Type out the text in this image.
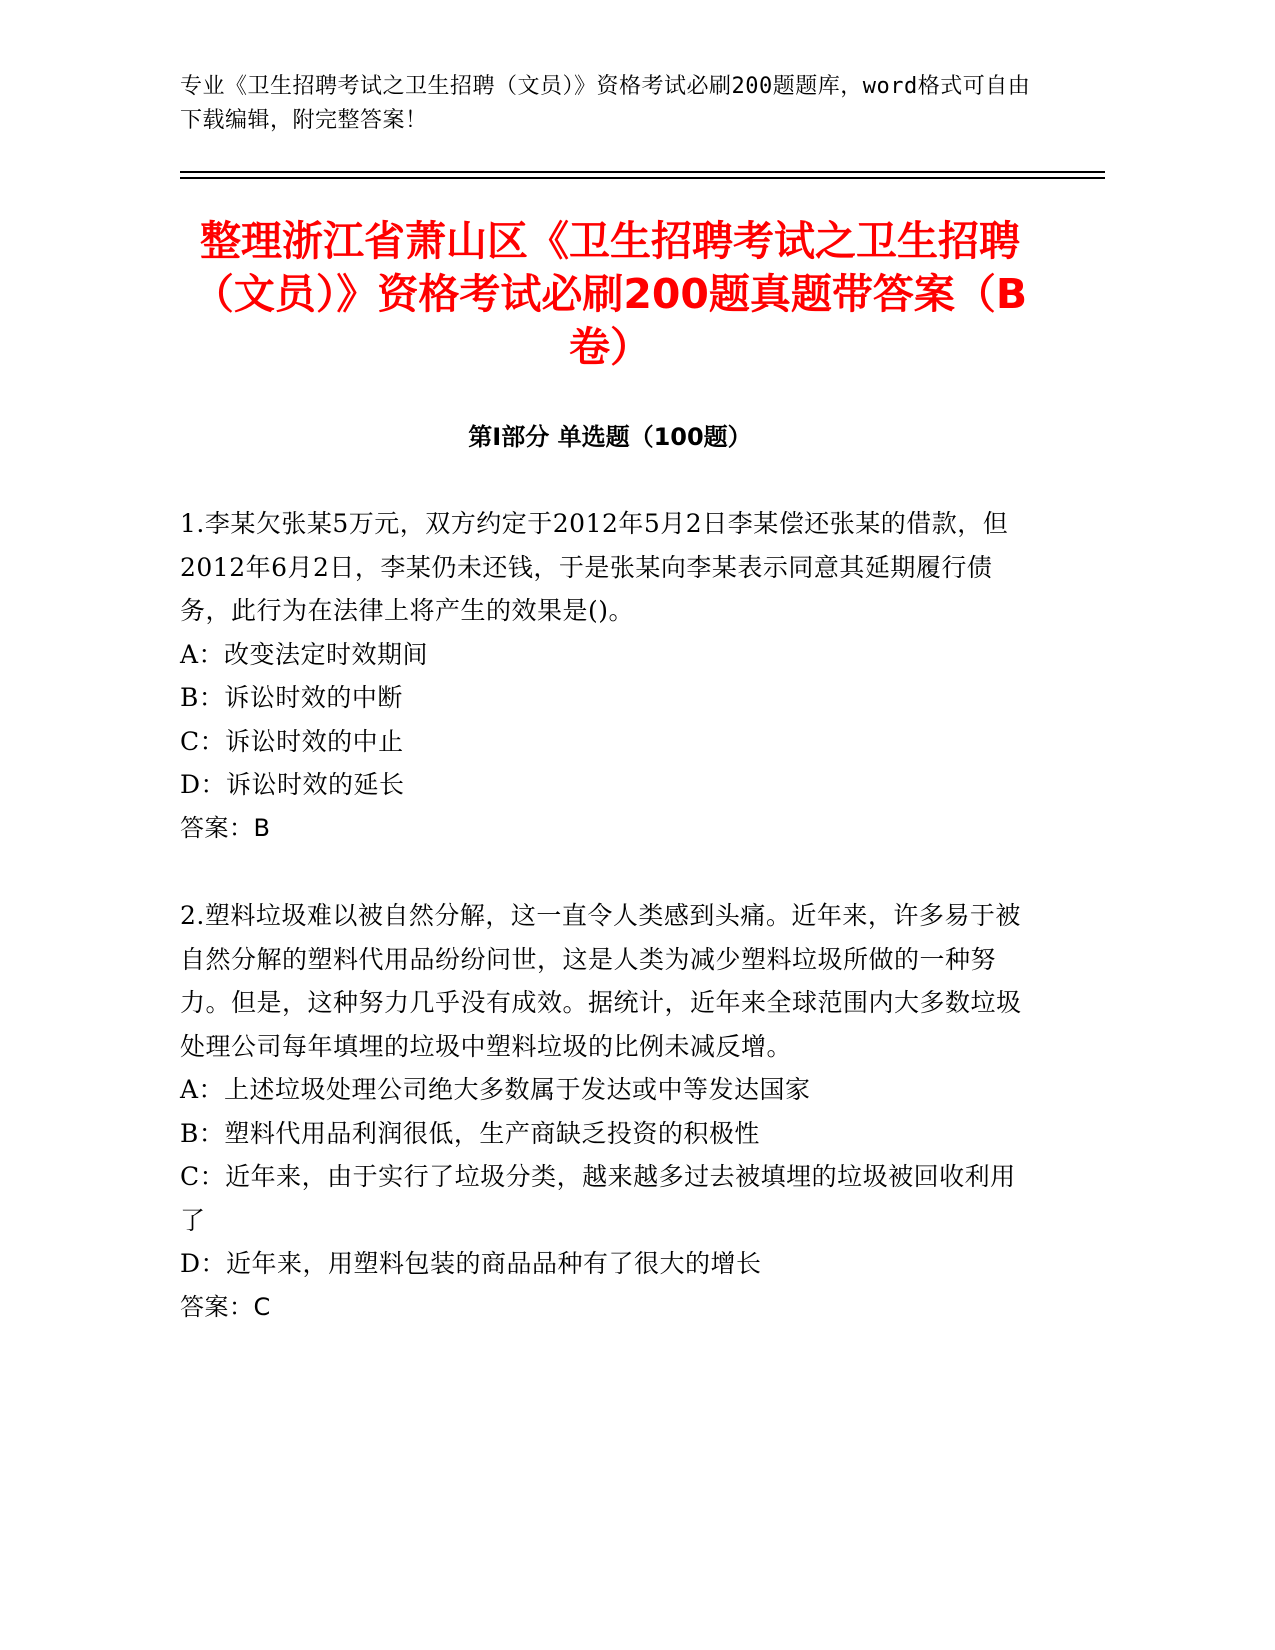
专业《卫生招聘考试之卫生招聘（文员）》资格考试必刷200题题库，word格式可自由下载编辑，附完整答案！
整理浙江省萧山区《卫生招聘考试之卫生招聘（文员）》资格考试必刷200题真题带答案（B卷）
第Ⅰ部分 单选题（100题）

1.李某欠张某5万元，双方约定于2012年5月2日李某偿还张某的借款，但2012年6月2日，李某仍未还钱，于是张某向李某表示同意其延期履行债务，此行为在法律上将产生的效果是()。

A：改变法定时效期间

B：诉讼时效的中断

C：诉讼时效的中止

D：诉讼时效的延长

答案：B

2.塑料垃圾难以被自然分解，这一直令人类感到头痛。近年来，许多易于被自然分解的塑料代用品纷纷问世，这是人类为减少塑料垃圾所做的一种努力。但是，这种努力几乎没有成效。据统计，近年来全球范围内大多数垃圾处理公司每年填埋的垃圾中塑料垃圾的比例未减反增。

A：上述垃圾处理公司绝大多数属于发达或中等发达国家

B：塑料代用品利润很低，生产商缺乏投资的积极性

C：近年来，由于实行了垃圾分类，越来越多过去被填埋的垃圾被回收利用了

D：近年来，用塑料包装的商品品种有了很大的增长

答案：C
